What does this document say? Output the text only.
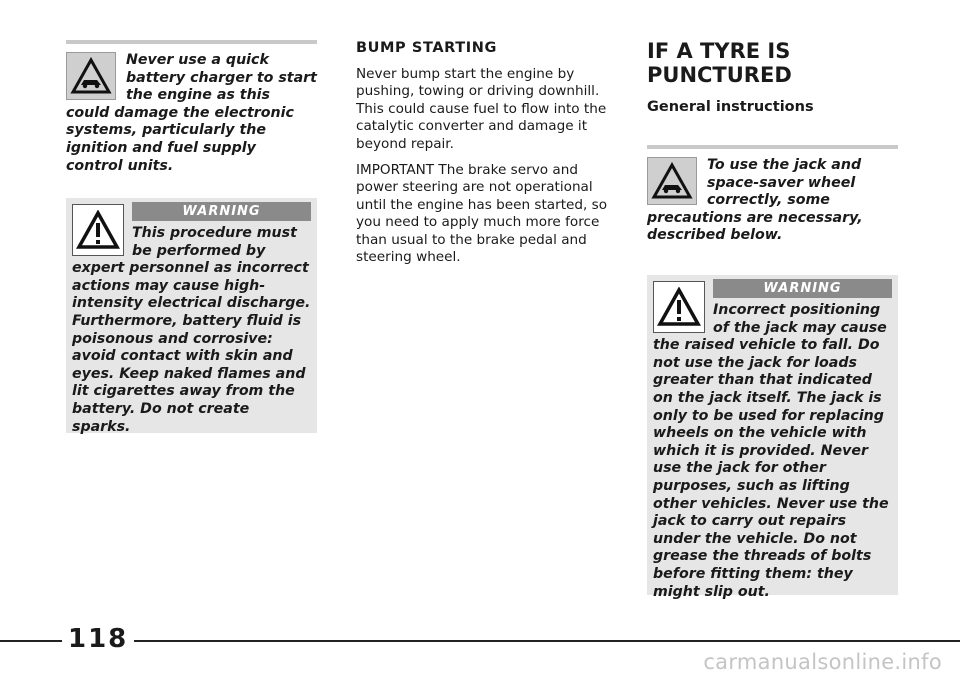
Never use a quick battery charger to start the engine as this could damage the electronic systems, particularly the ignition and fuel supply control units.
WARNING
This procedure must be performed by expert personnel as incorrect actions may cause high-intensity electrical discharge. Furthermore, battery fluid is poisonous and corrosive: avoid contact with skin and eyes. Keep naked flames and lit cigarettes away from the battery. Do not create sparks.
BUMP STARTING

Never bump start the engine by pushing, towing or driving downhill. This could cause fuel to flow into the catalytic converter and damage it beyond repair.

IMPORTANT The brake servo and power steering are not operational until the engine has been started, so you need to apply much more force than usual to the brake pedal and steering wheel.

IF A TYRE IS
PUNCTURED
General instructions
To use the jack and space-saver wheel correctly, some precautions are necessary, described below.
WARNING
Incorrect positioning of the jack may cause the raised vehicle to fall. Do not use the jack for loads greater than that indicated on the jack itself. The jack is only to be used for replacing wheels on the vehicle with which it is provided. Never use the jack for other purposes, such as lifting other vehicles. Never use the jack to carry out repairs under the vehicle. Do not grease the threads of bolts before fitting them: they might slip out.
118
carmanualsonline.info
